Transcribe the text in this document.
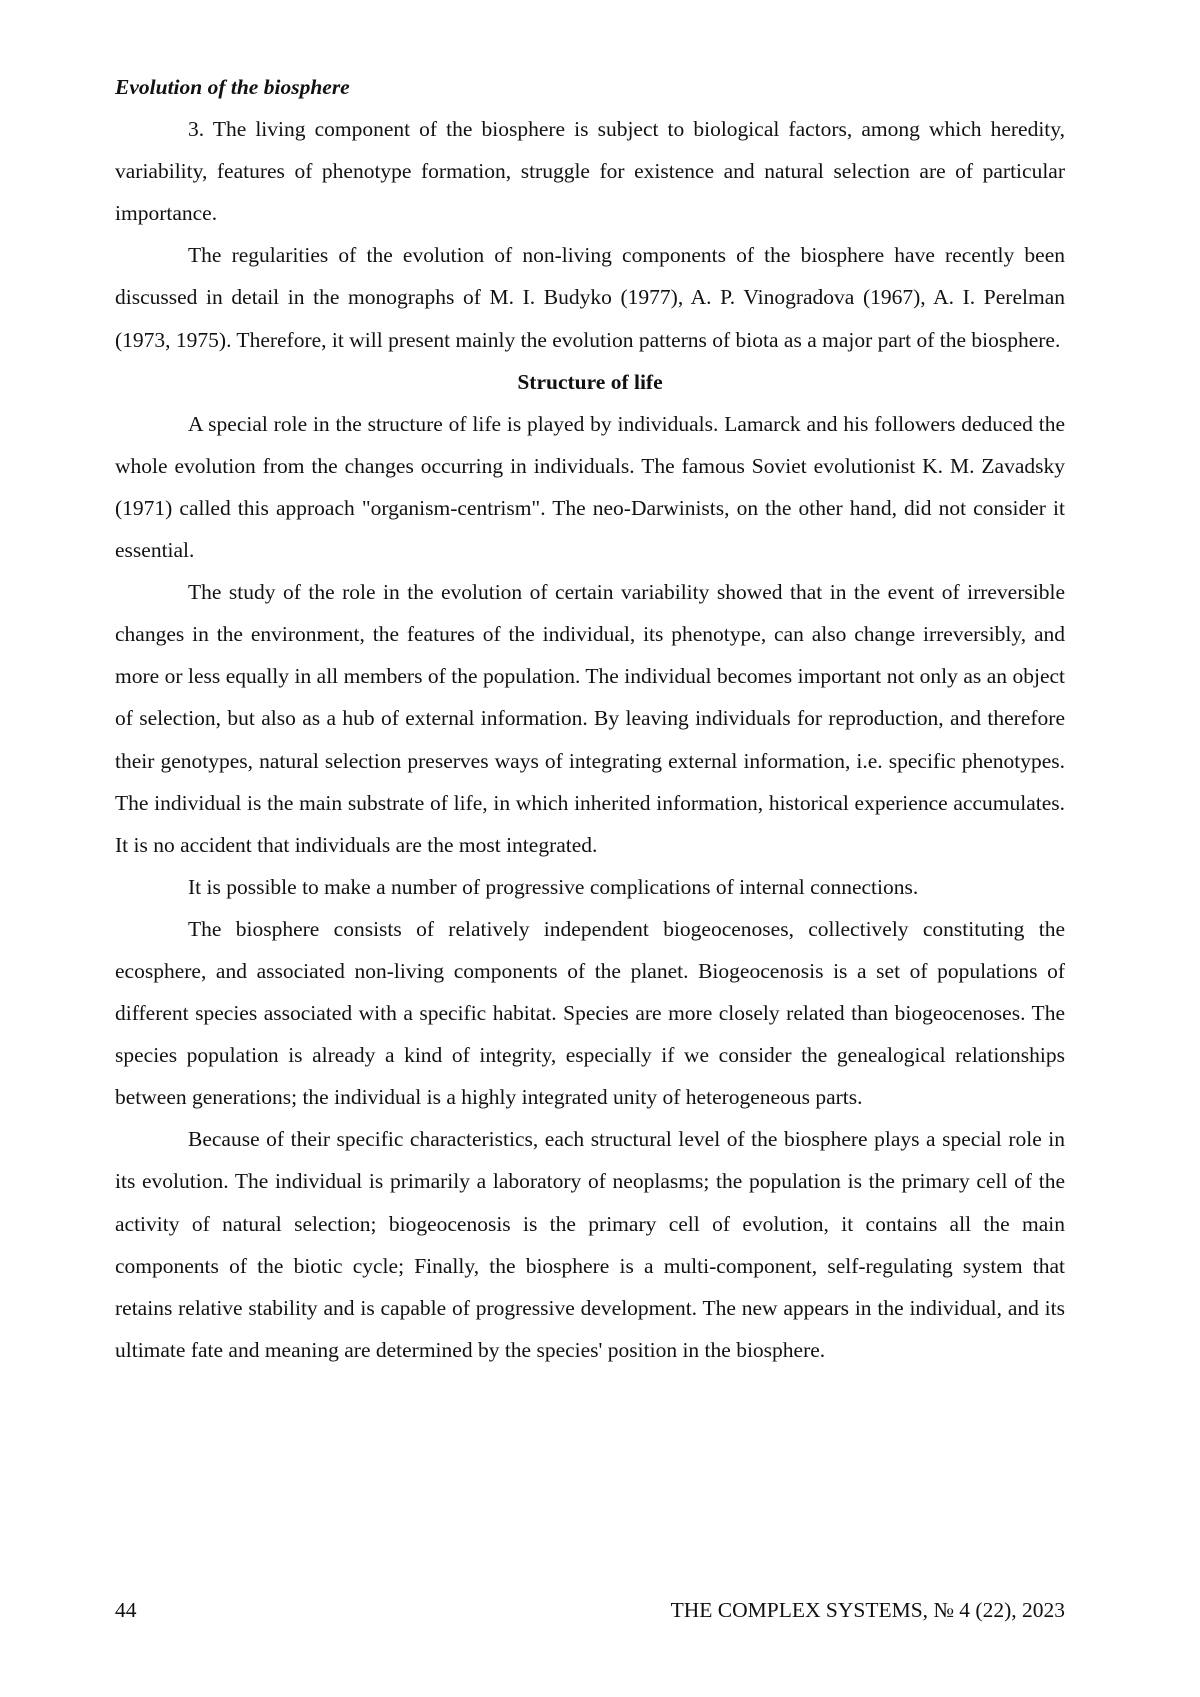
Evolution of the biosphere

3. The living component of the biosphere is subject to biological factors, among which heredity, variability, features of phenotype formation, struggle for existence and natural selection are of particular importance.

The regularities of the evolution of non-living components of the biosphere have recently been discussed in detail in the monographs of M. I. Budyko (1977), A. P. Vinogradova (1967), A. I. Perelman (1973, 1975). Therefore, it will present mainly the evolution patterns of biota as a major part of the biosphere.

Structure of life

A special role in the structure of life is played by individuals. Lamarck and his followers deduced the whole evolution from the changes occurring in individuals. The famous Soviet evolutionist K. M. Zavadsky (1971) called this approach "organism-centrism". The neo-Darwinists, on the other hand, did not consider it essential.

The study of the role in the evolution of certain variability showed that in the event of irreversible changes in the environment, the features of the individual, its phenotype, can also change irreversibly, and more or less equally in all members of the population. The individual becomes important not only as an object of selection, but also as a hub of external information. By leaving individuals for reproduction, and therefore their genotypes, natural selection preserves ways of integrating external information, i.e. specific phenotypes. The individual is the main substrate of life, in which inherited information, historical experience accumulates. It is no accident that individuals are the most integrated.

It is possible to make a number of progressive complications of internal connections.

The biosphere consists of relatively independent biogeocenoses, collectively constituting the ecosphere, and associated non-living components of the planet. Biogeocenosis is a set of populations of different species associated with a specific habitat. Species are more closely related than biogeocenoses. The species population is already a kind of integrity, especially if we consider the genealogical relationships between generations; the individual is a highly integrated unity of heterogeneous parts.

Because of their specific characteristics, each structural level of the biosphere plays a special role in its evolution. The individual is primarily a laboratory of neoplasms; the population is the primary cell of the activity of natural selection; biogeocenosis is the primary cell of evolution, it contains all the main components of the biotic cycle; Finally, the biosphere is a multi-component, self-regulating system that retains relative stability and is capable of progressive development. The new appears in the individual, and its ultimate fate and meaning are determined by the species' position in the biosphere.

44	THE COMPLEX SYSTEMS, № 4 (22), 2023
